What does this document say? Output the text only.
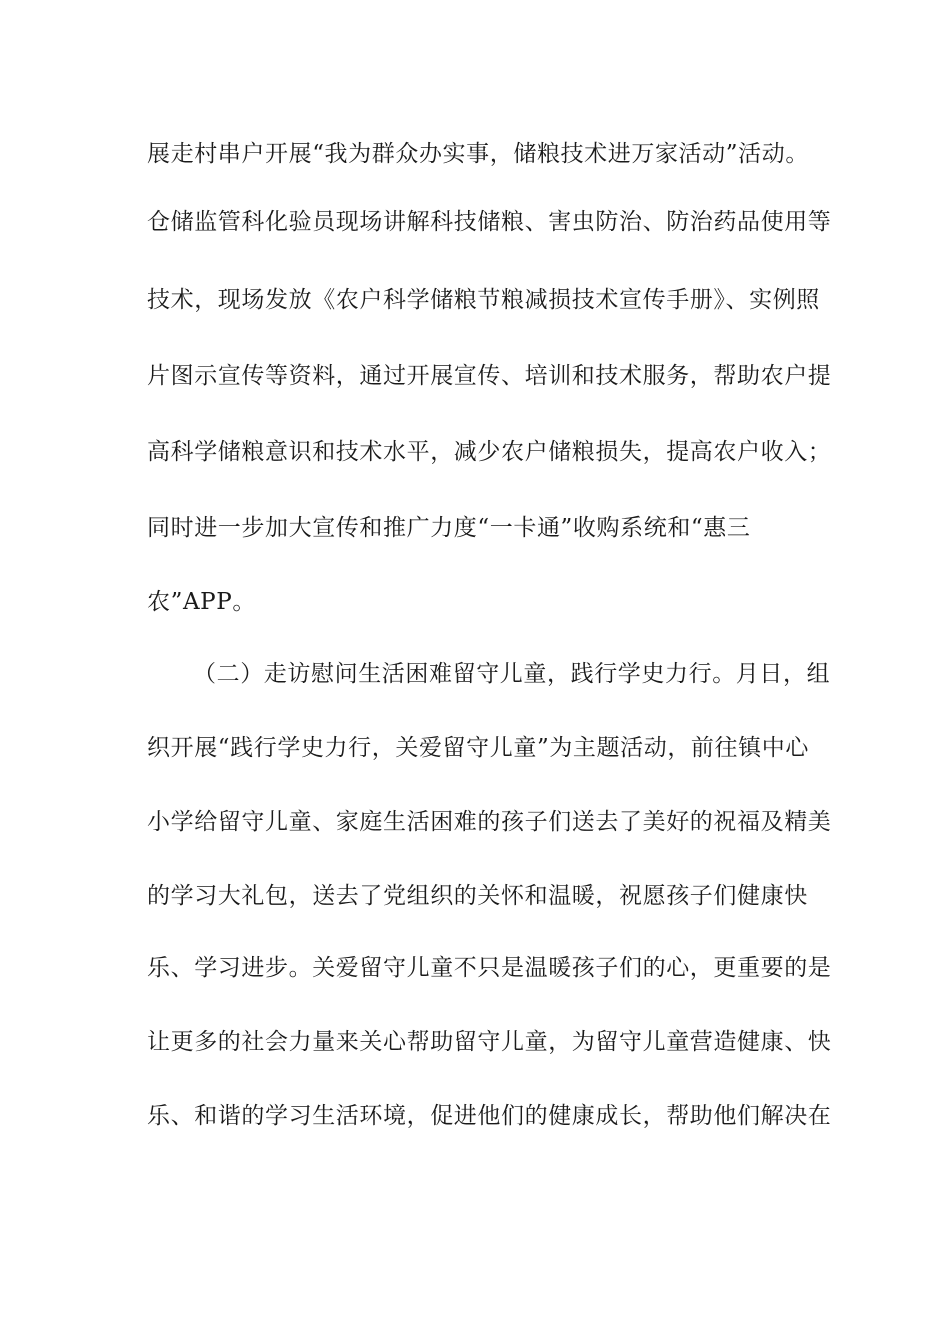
展走村串户开展“我为群众办实事，储粮技术进万家活动”活动。
仓储监管科化验员现场讲解科技储粮、害虫防治、防治药品使用等
技术，现场发放《农户科学储粮节粮减损技术宣传手册》、实例照
片图示宣传等资料，通过开展宣传、培训和技术服务，帮助农户提
高科学储粮意识和技术水平，减少农户储粮损失，提高农户收入；
同时进一步加大宣传和推广力度“一卡通”收购系统和“惠三
农”APP。
（二）走访慰问生活困难留守儿童，践行学史力行。月日，组
织开展“践行学史力行，关爱留守儿童”为主题活动，前往镇中心
小学给留守儿童、家庭生活困难的孩子们送去了美好的祝福及精美
的学习大礼包，送去了党组织的关怀和温暖，祝愿孩子们健康快
乐、学习进步。关爱留守儿童不只是温暖孩子们的心，更重要的是
让更多的社会力量来关心帮助留守儿童，为留守儿童营造健康、快
乐、和谐的学习生活环境，促进他们的健康成长，帮助他们解决在
